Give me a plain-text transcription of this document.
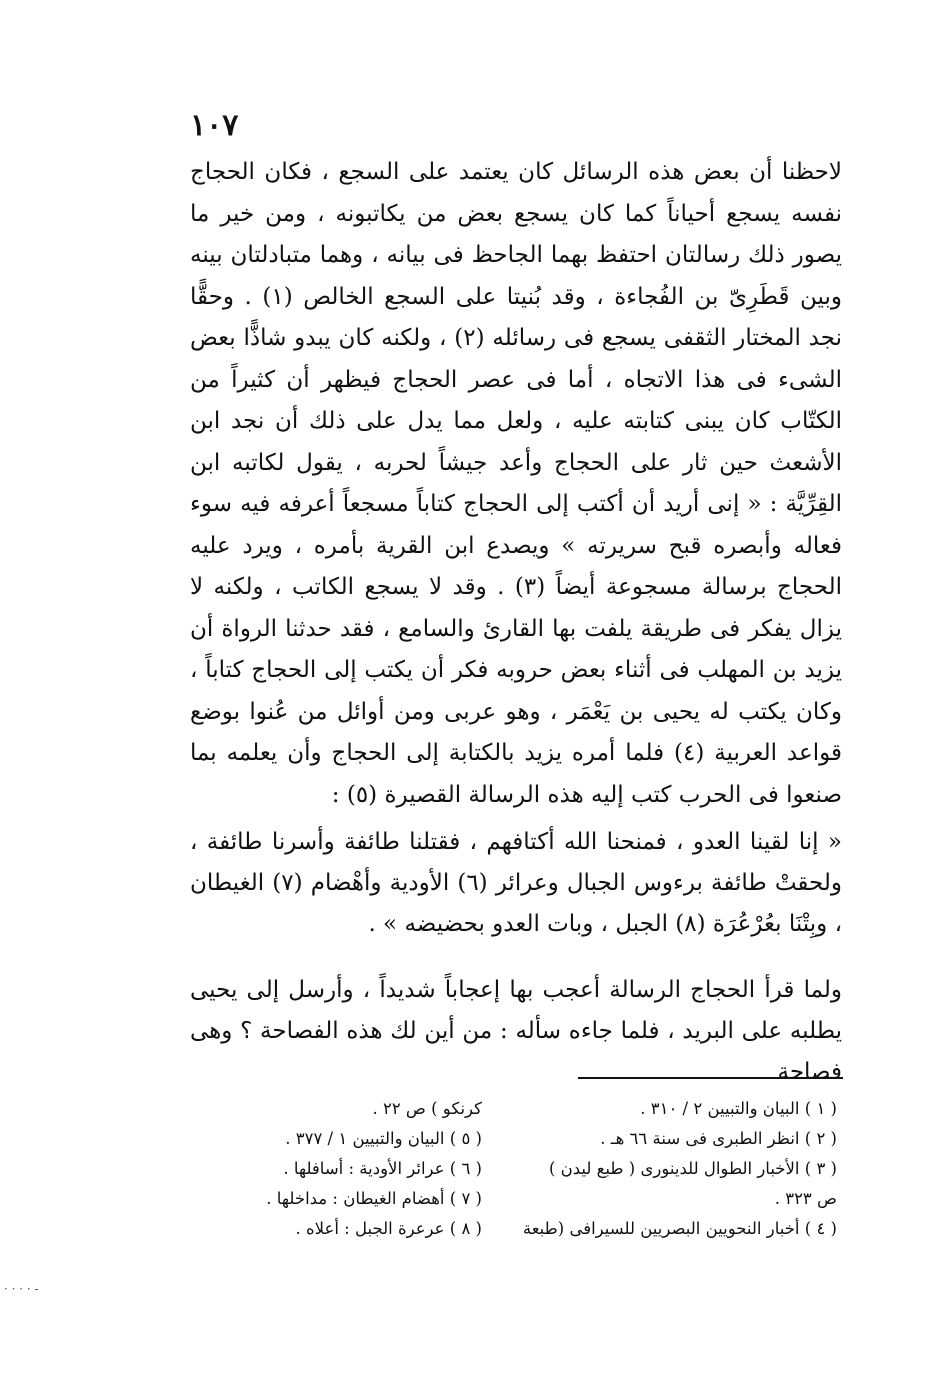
١٠٧

لاحظنا أن بعض هذه الرسائل كان يعتمد على السجع ، فكان الحجاج نفسه يسجع أحياناً كما كان يسجع بعض من يكاتبونه ، ومن خير ما يصور ذلك رسالتان احتفظ بهما الجاحظ فى بيانه ، وهما متبادلتان بينه وبين قَطَرِىّ بن الفُجاءة ، وقد بُنيتا على السجع الخالص (١) . وحقًّا نجد المختار الثقفى يسجع فى رسائله (٢) ، ولكنه كان يبدو شاذًّا بعض الشىء فى هذا الاتجاه ، أما فى عصر الحجاج فيظهر أن كثيراً من الكتّاب كان يبنى كتابته عليه ، ولعل مما يدل على ذلك أن نجد ابن الأشعث حين ثار على الحجاج وأعد جيشاً لحربه ، يقول لكاتبه ابن القِرِّيَّة : « إنى أريد أن أكتب إلى الحجاج كتاباً مسجعاً أعرفه فيه سوء فعاله وأبصره قبح سريرته » ويصدع ابن القرية بأمره ، ويرد عليه الحجاج برسالة مسجوعة أيضاً (٣) . وقد لا يسجع الكاتب ، ولكنه لا يزال يفكر فى طريقة يلفت بها القارئ والسامع ، فقد حدثنا الرواة أن يزيد بن المهلب فى أثناء بعض حروبه فكر أن يكتب إلى الحجاج كتاباً ، وكان يكتب له يحيى بن يَعْمَر ، وهو عربى ومن أوائل من عُنوا بوضع قواعد العربية (٤) فلما أمره يزيد بالكتابة إلى الحجاج وأن يعلمه بما صنعوا فى الحرب كتب إليه هذه الرسالة القصيرة (٥) :

« إنا لقينا العدو ، فمنحنا الله أكتافهم ، فقتلنا طائفة وأسرنا طائفة ، ولحقتْ طائفة برءوس الجبال وعرائر (٦) الأودية وأهْضام (٧) الغيطان ، وبِتْنَا بعُرْعُرَة (٨) الجبل ، وبات العدو بحضيضه » .

ولما قرأ الحجاج الرسالة أعجب بها إعجاباً شديداً ، وأرسل إلى يحيى يطلبه على البريد ، فلما جاءه سأله : من أين لك هذه الفصاحة ؟ وهى فصاحة

( ١ ) البيان والتبيين ٢ / ٣١٠ .
( ٢ ) انظر الطبرى فى سنة ٦٦ هـ .
( ٣ ) الأخبار الطوال للدينورى ( طبع ليدن )
ص ٣٢٣ .
( ٤ ) أخبار النحويين البصريين للسيرافى (طبعة
كرنكو ) ص ٢٢ .
( ٥ ) البيان والتبيين ١ / ٣٧٧ .
( ٦ ) عرائر الأودية : أسافلها .
( ٧ ) أهضام الغيطان : مداخلها .
( ٨ ) عرعرة الجبل : أعلاه .
· · · · -
